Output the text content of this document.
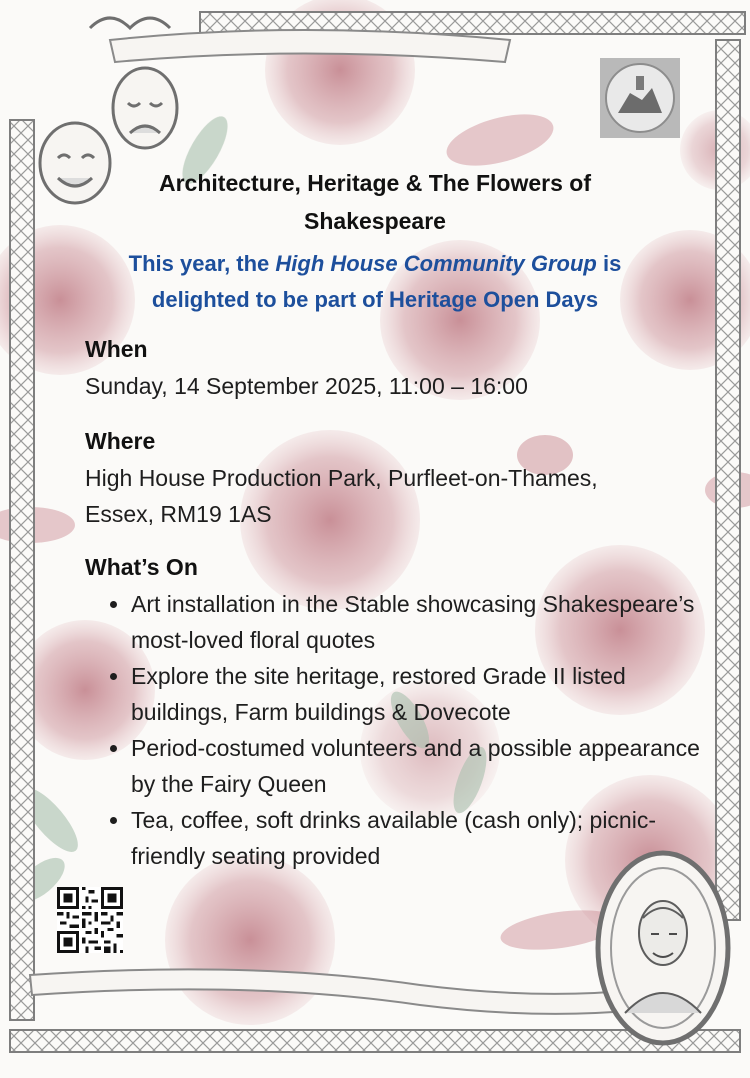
Architecture, Heritage & The Flowers of Shakespeare
This year, the High House Community Group is delighted to be part of Heritage Open Days
When
Sunday, 14 September 2025, 11:00 – 16:00
Where
High House Production Park, Purfleet-on-Thames, Essex, RM19 1AS
What’s On
• Art installation in the Stable showcasing Shakespeare’s most-loved floral quotes
• Explore the site heritage, restored Grade II listed buildings, Farm buildings & Dovecote
• Period-costumed volunteers and a possible appearance by the Fairy Queen
• Tea, coffee, soft drinks available (cash only); picnic-friendly seating provided
